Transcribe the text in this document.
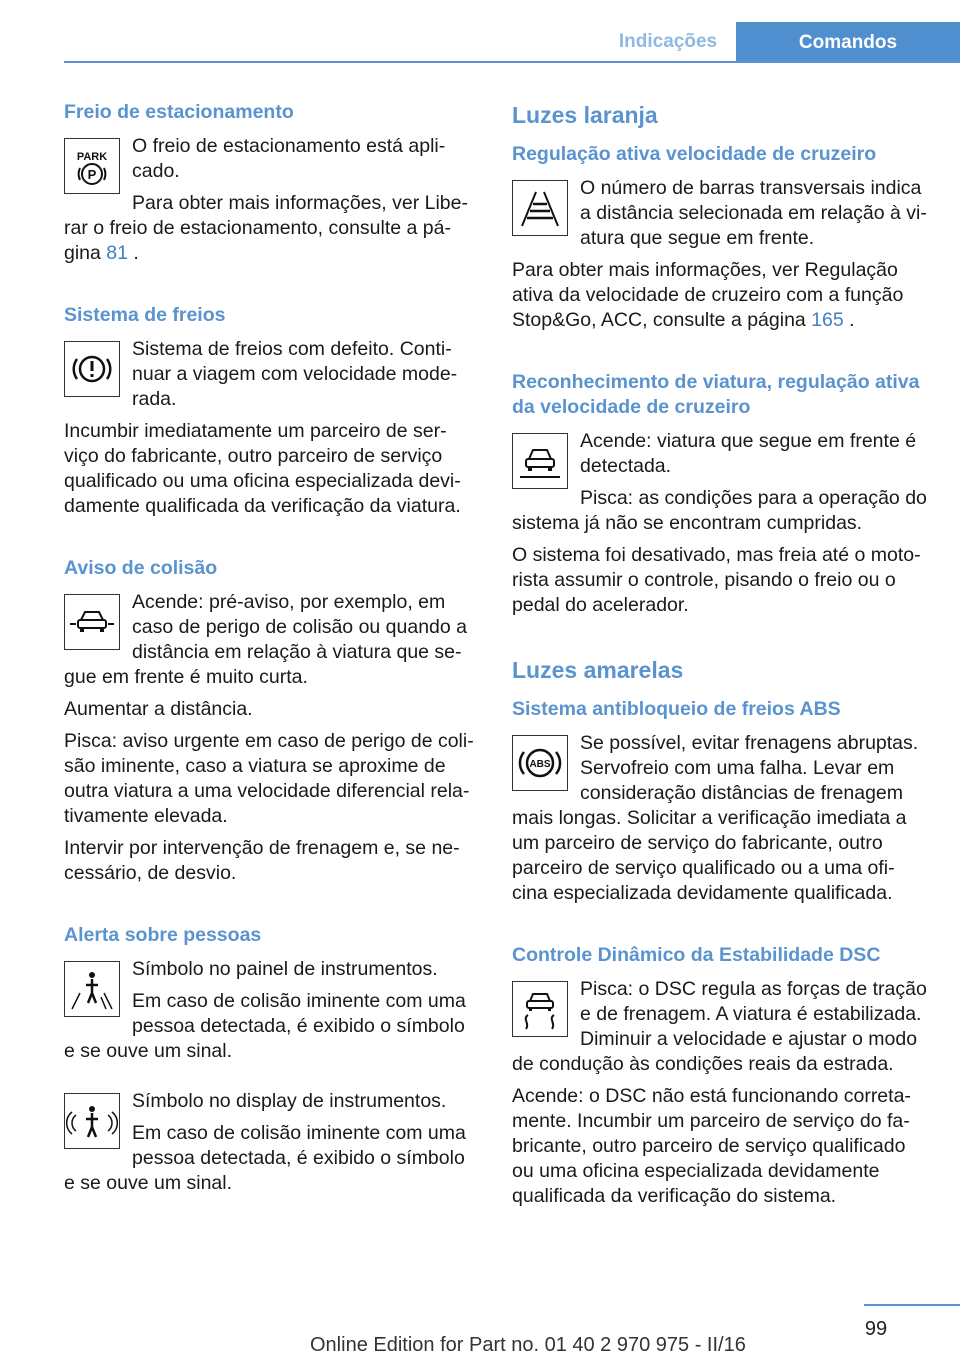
Indicações	Comandos
Freio de estacionamento
PARK
P
O freio de estacionamento está apli‐ cado.
Para obter mais informações, ver Libe‐ rar o freio de estacionamento, consulte a pá‐ gina 81 .
Sistema de freios
Sistema de freios com defeito. Conti‐ nuar a viagem com velocidade mode‐ rada.
Incumbir imediatamente um parceiro de ser‐ viço do fabricante, outro parceiro de serviço qualificado ou uma oficina especializada devi‐ damente qualificada da verificação da viatura.
Aviso de colisão
Acende: pré-aviso, por exemplo, em caso de perigo de colisão ou quando a distância em relação à viatura que se‐ gue em frente é muito curta.
Aumentar a distância.
Pisca: aviso urgente em caso de perigo de coli‐ são iminente, caso a viatura se aproxime de outra viatura a uma velocidade diferencial rela‐ tivamente elevada.
Intervir por intervenção de frenagem e, se ne‐ cessário, de desvio.
Alerta sobre pessoas
Símbolo no painel de instrumentos.
Em caso de colisão iminente com uma pessoa detectada, é exibido o símbolo e se ouve um sinal.
Símbolo no display de instrumentos.
Em caso de colisão iminente com uma pessoa detectada, é exibido o símbolo e se ouve um sinal.
Luzes laranja
Regulação ativa velocidade de cruzeiro
O número de barras transversais indica a distância selecionada em relação à vi‐ atura que segue em frente.
Para obter mais informações, ver Regulação ativa da velocidade de cruzeiro com a função Stop&Go, ACC, consulte a página 165 .
Reconhecimento de viatura, regulação ativa da velocidade de cruzeiro
Acende: viatura que segue em frente é detectada.
Pisca: as condições para a operação do sistema já não se encontram cumpridas.
O sistema foi desativado, mas freia até o moto‐ rista assumir o controle, pisando o freio ou o pedal do acelerador.
Luzes amarelas
Sistema antibloqueio de freios ABS
ABS
Se possível, evitar frenagens abruptas. Servofreio com uma falha. Levar em consideração distâncias de frenagem mais longas. Solicitar a verificação imediata a um parceiro de serviço do fabricante, outro parceiro de serviço qualificado ou a uma ofi‐ cina especializada devidamente qualificada.
Controle Dinâmico da Estabilidade DSC
Pisca: o DSC regula as forças de tração e de frenagem. A viatura é estabilizada. Diminuir a velocidade e ajustar o modo de condução às condições reais da estrada.
Acende: o DSC não está funcionando correta‐ mente. Incumbir um parceiro de serviço do fa‐ bricante, outro parceiro de serviço qualificado ou uma oficina especializada devidamente qualificada da verificação do sistema.
99
Online Edition for Part no. 01 40 2 970 975 - II/16
